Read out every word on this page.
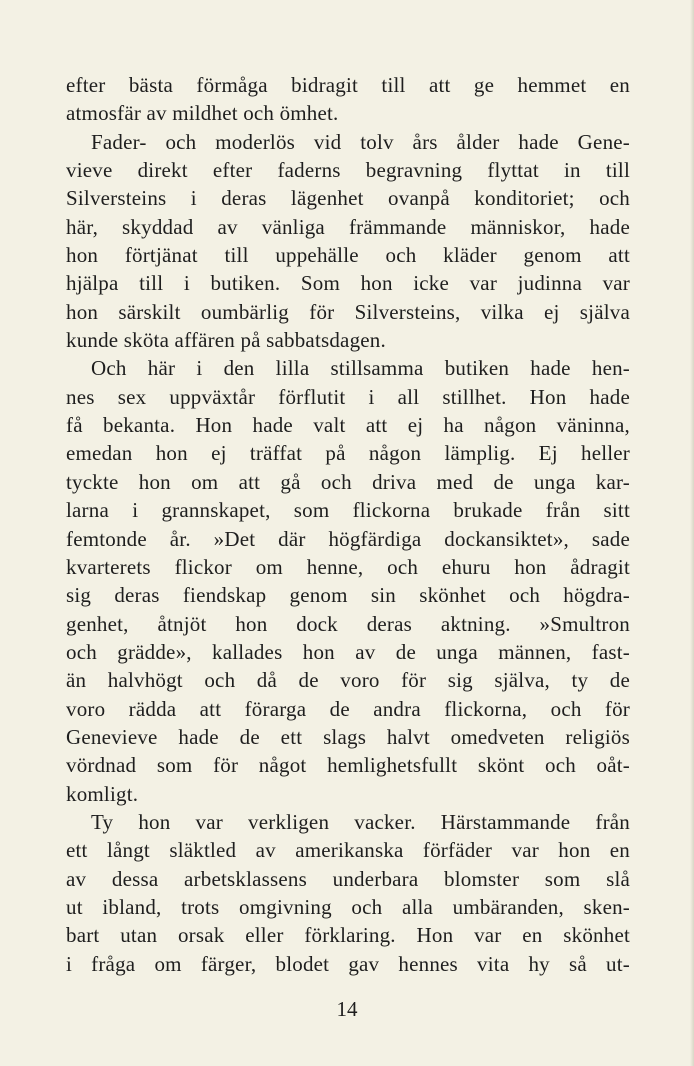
efter bästa förmåga bidragit till att ge hemmet en
atmosfär av mildhet och ömhet.
Fader- och moderlös vid tolv års ålder hade Gene-
vieve direkt efter faderns begravning flyttat in till
Silversteins i deras lägenhet ovanpå konditoriet; och
här, skyddad av vänliga främmande människor, hade
hon förtjänat till uppehälle och kläder genom att
hjälpa till i butiken. Som hon icke var judinna var
hon särskilt oumbärlig för Silversteins, vilka ej själva
kunde sköta affären på sabbatsdagen.
Och här i den lilla stillsamma butiken hade hen-
nes sex uppväxtår förflutit i all stillhet. Hon hade
få bekanta. Hon hade valt att ej ha någon väninna,
emedan hon ej träffat på någon lämplig. Ej heller
tyckte hon om att gå och driva med de unga kar-
larna i grannskapet, som flickorna brukade från sitt
femtonde år. »Det där högfärdiga dockansiktet», sade
kvarterets flickor om henne, och ehuru hon ådragit
sig deras fiendskap genom sin skönhet och högdra-
genhet, åtnjöt hon dock deras aktning. »Smultron
och grädde», kallades hon av de unga männen, fast-
än halvhögt och då de voro för sig själva, ty de
voro rädda att förarga de andra flickorna, och för
Genevieve hade de ett slags halvt omedveten religiös
vördnad som för något hemlighetsfullt skönt och oåt-
komligt.
Ty hon var verkligen vacker. Härstammande från
ett långt släktled av amerikanska förfäder var hon en
av dessa arbetsklassens underbara blomster som slå
ut ibland, trots omgivning och alla umbäranden, sken-
bart utan orsak eller förklaring. Hon var en skönhet
i fråga om färger, blodet gav hennes vita hy så ut-
14
